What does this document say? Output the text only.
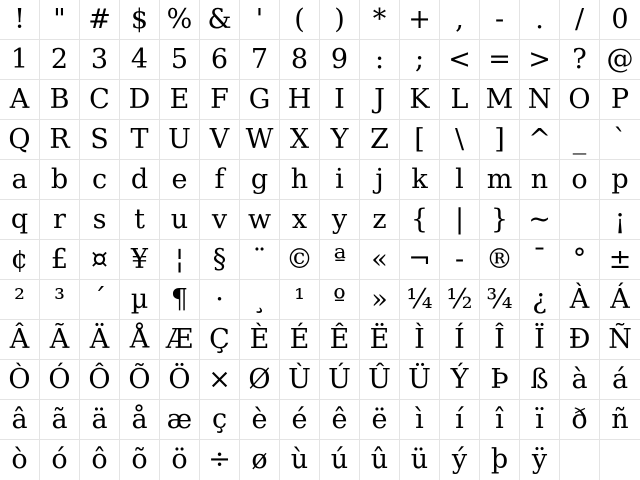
!	" # $ % & '	(	)	* + ,	-	.	/	0
1 2 3 4 5 6 7 8 9 :	; < = > ? @
A B C D E F G H I	J K L M N O P
Q R S T U V W X Y Z [	\	] ^ _	`
a b c d e	f g h i	j	k	l m n o p
q r s	t u v w x y z { | } ~	¡
¢ £ ¤ ¥ ¦	§ ¨ © ª « ¬ - ® ¯ ° ±
²	³	´ µ ¶	·	¸	¹	º » ¼ ½ ¾ ¿ À Á
Â Ã Ä Å Æ Ç È É Ê Ë Ì	Í	Î	Ï Ð Ñ
Ò Ó Ô Õ Ö × Ø Ù Ú Û Ü Ý Þ ß à á
â ã ä å æ ç è é ê ë	ì	í	î	ï	ð ñ
ò ó ô õ ö ÷ ø ù ú û ü ý þ ÿ
